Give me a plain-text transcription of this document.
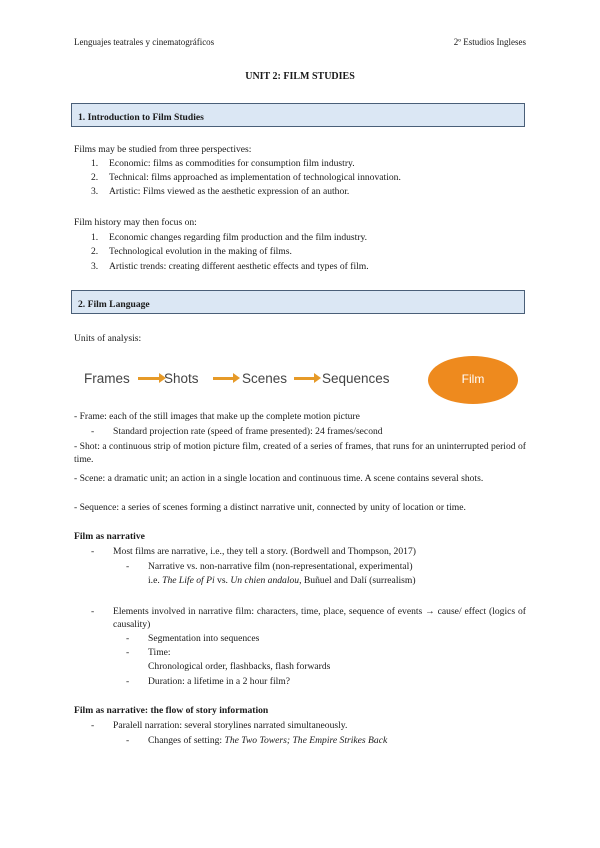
Lenguajes teatrales y cinematográficos	2º Estudios Ingleses
UNIT 2: FILM STUDIES
1. Introduction to Film Studies
Films may be studied from three perspectives:
1. Economic: films as commodities for consumption film industry.
2. Technical: films approached as implementation of technological innovation.
3. Artistic: Films viewed as the aesthetic expression of an author.
Film history may then focus on:
1. Economic changes regarding film production and the film industry.
2. Technological evolution in the making of films.
3. Artistic trends: creating different aesthetic effects and types of film.
2. Film Language
Units of analysis:
Frames	Shots	Scenes	Sequences	Film
- Frame: each of the still images that make up the complete motion picture
- Standard projection rate (speed of frame presented): 24 frames/second
- Shot: a continuous strip of motion picture film, created of a series of frames, that runs for an uninterrupted period of time.
- Scene: a dramatic unit; an action in a single location and continuous time. A scene contains several shots.
- Sequence: a series of scenes forming a distinct narrative unit, connected by unity of location or time.
Film as narrative
- Most films are narrative, i.e., they tell a story. (Bordwell and Thompson, 2017)
- Narrative vs. non-narrative film (non-representational, experimental)
i.e. The Life of Pi vs. Un chien andalou, Buñuel and Dalí (surrealism)
- Elements involved in narrative film: characters, time, place, sequence of events → cause/ effect (logics of causality)
- Segmentation into sequences
- Time:
Chronological order, flashbacks, flash forwards
- Duration: a lifetime in a 2 hour film?
Film as narrative: the flow of story information
- Paralell narration: several storylines narrated simultaneously.
- Changes of setting: The Two Towers; The Empire Strikes Back
